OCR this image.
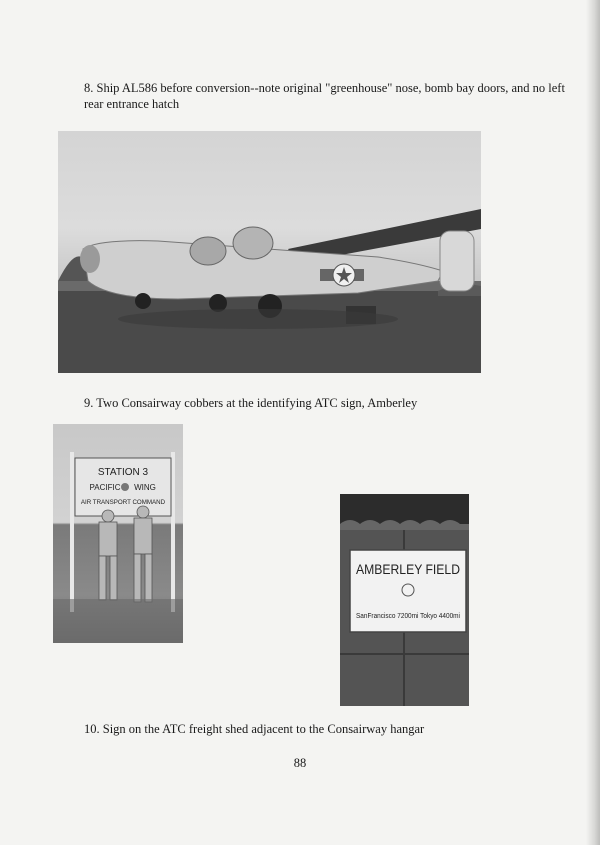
8. Ship AL586 before conversion--note original "greenhouse" nose, bomb bay doors, and no left rear entrance hatch

9. Two Consairway cobbers at the identifying ATC sign, Amberley

STATION 3
PACIFIC WING
AIR TRANSPORT COMMAND
AMBERLEY FIELD
SanFrancisco 7200mi Tokyo 4400mi

10. Sign on the ATC freight shed adjacent to the Consairway hangar

88
